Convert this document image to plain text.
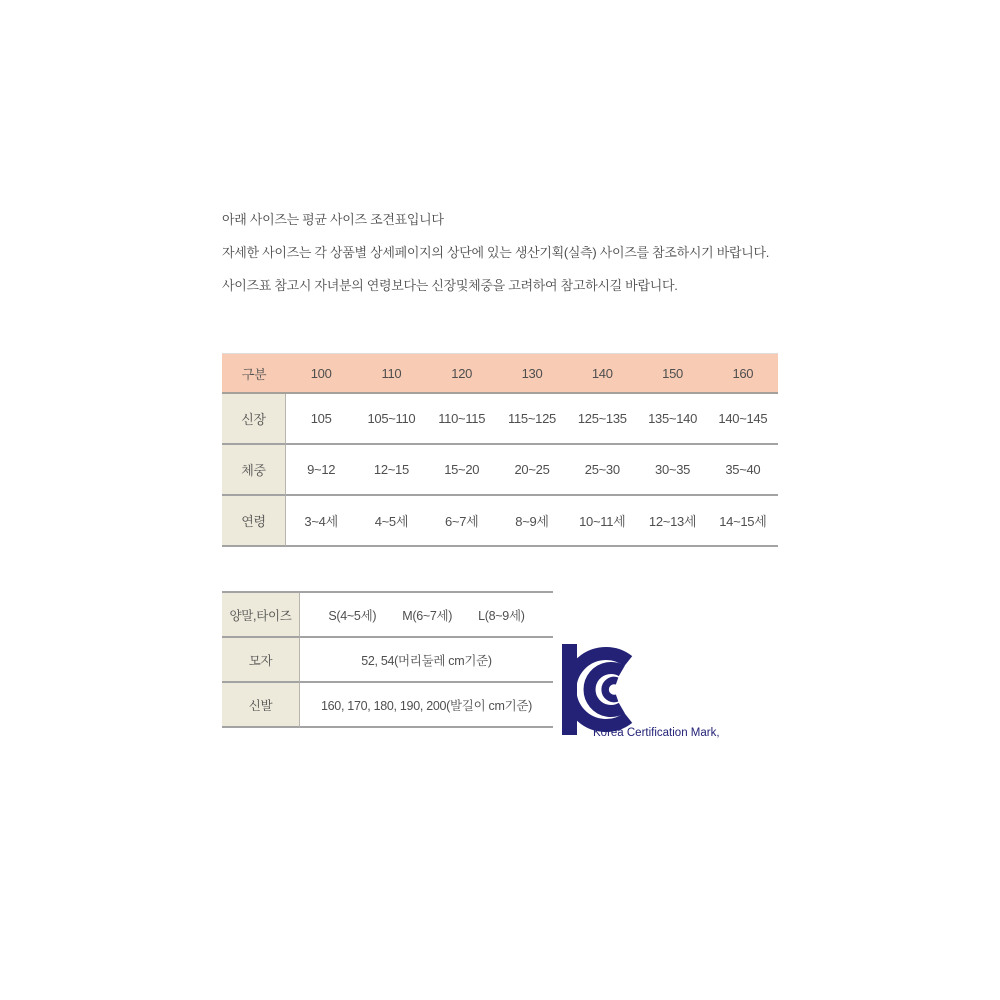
아래 사이즈는 평균 사이즈 조견표입니다

자세한 사이즈는 각 상품별 상세페이지의 상단에 있는 생산기획(실측) 사이즈를 참조하시기 바랍니다.

사이즈표 참고시 자녀분의 연령보다는 신장및체중을 고려하여 참고하시길 바랍니다.

구분	100	110	120	130	140	150	160
신장	105	105~110	110~115	115~125	125~135	135~140	140~145
체중	9~12	12~15	15~20	20~25	25~30	30~35	35~40
연령	3~4세	4~5세	6~7세	8~9세	10~11세	12~13세	14~15세
양말,타이즈	S(4~5세) M(6~7세) L(8~9세)
모자	52, 54(머리둘레 cm기준)
신발	160, 170, 180, 190, 200(발길이 cm기준)
Korea Certification Mark,
